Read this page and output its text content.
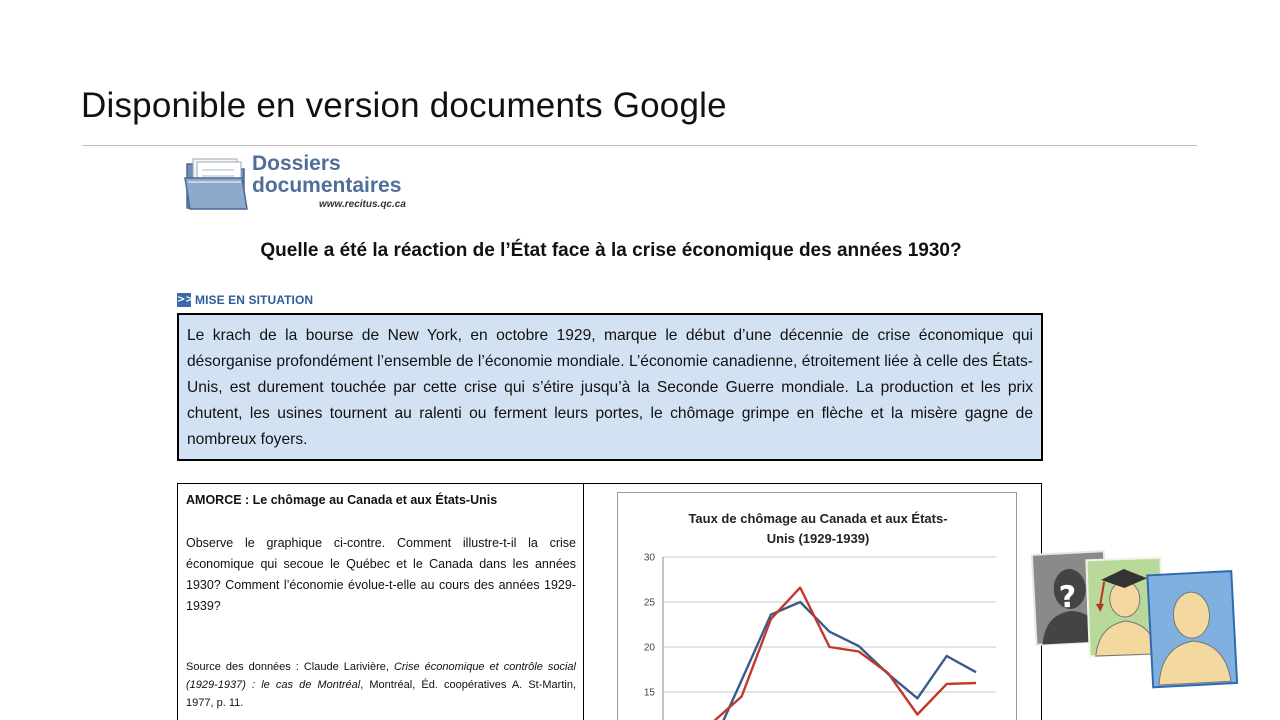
Disponible en version documents Google
Dossiers
documentaires
www.recitus.qc.ca
Quelle a été la réaction de l’État face à la crise économique des années 1930?
>> MISE EN SITUATION

Le krach de la bourse de New York, en octobre 1929, marque le début d’une décennie de crise économique qui désorganise profondément l’ensemble de l’économie mondiale. L’économie canadienne, étroitement liée à celle des États-Unis, est durement touchée par cette crise qui s’étire jusqu’à la Seconde Guerre mondiale. La production et les prix chutent, les usines tournent au ralenti ou ferment leurs portes, le chômage grimpe en flèche et la misère gagne de nombreux foyers.

AMORCE : Le chômage au Canada et aux États-Unis

Observe le graphique ci-contre. Comment illustre-t-il la crise économique qui secoue le Québec et le Canada dans les années 1930? Comment l’économie évolue-t-elle au cours des années 1929-1939?

Source des données : Claude Larivière, Crise économique et contrôle social (1929-1937) : le cas de Montréal, Montréal, Éd. coopératives A. St-Martin, 1977, p. 11.

Taux de chômage au Canada et aux États-
Unis (1929-1939)
15
20
25
30
?
